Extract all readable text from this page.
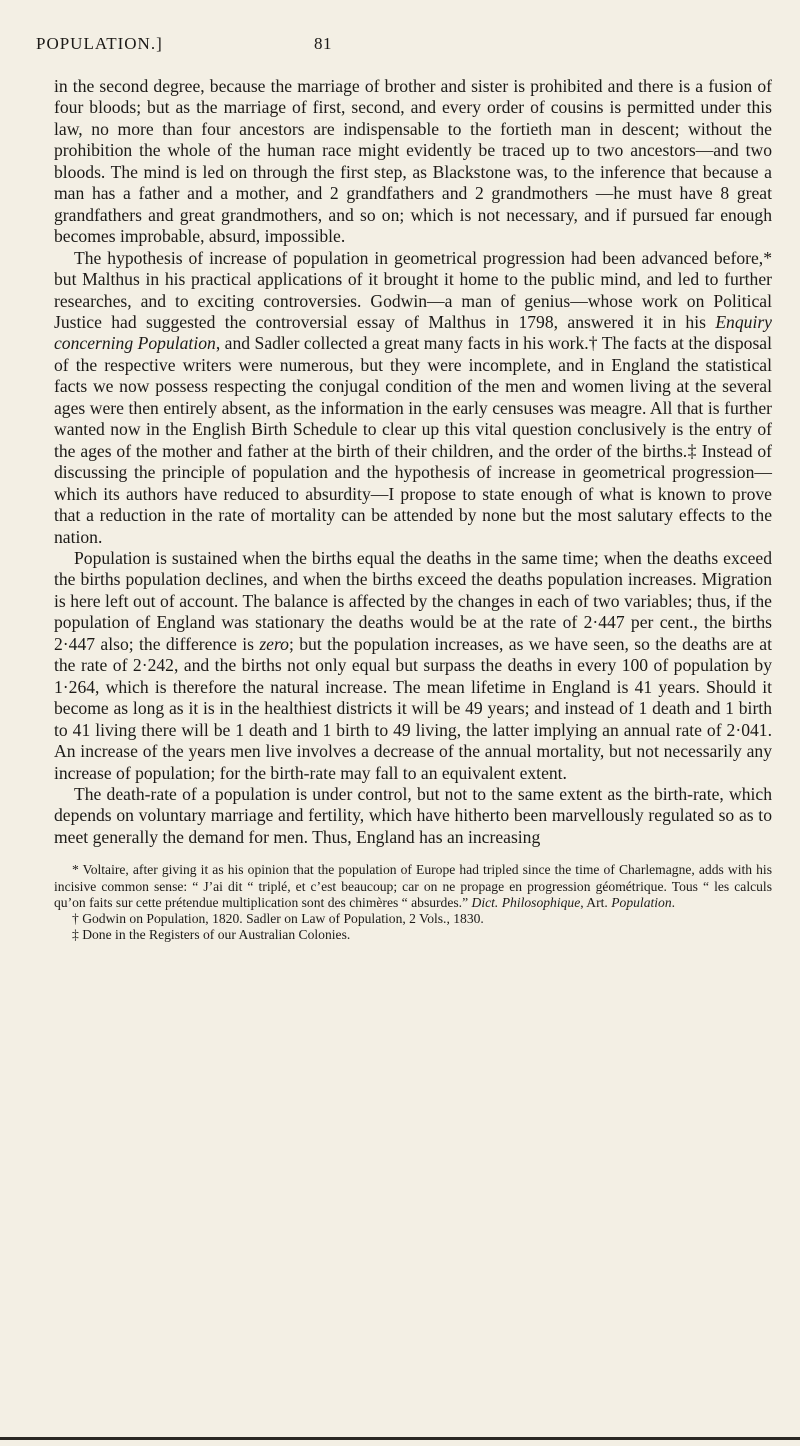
POPULATION.]	81

in the second degree, because the marriage of brother and sister is prohibited and there is a fusion of four bloods; but as the marriage of first, second, and every order of cousins is permitted under this law, no more than four ancestors are indispensable to the fortieth man in descent; without the prohibition the whole of the human race might evidently be traced up to two ancestors—and two bloods. The mind is led on through the first step, as Blackstone was, to the inference that because a man has a father and a mother, and 2 grandfathers and 2 grandmothers —he must have 8 great grandfathers and great grandmothers, and so on; which is not necessary, and if pursued far enough becomes improbable, absurd, impossible.

The hypothesis of increase of population in geometrical progression had been advanced before,* but Malthus in his practical applications of it brought it home to the public mind, and led to further researches, and to exciting controversies. Godwin—a man of genius—whose work on Political Justice had suggested the controversial essay of Malthus in 1798, answered it in his Enquiry concerning Population, and Sadler collected a great many facts in his work.† The facts at the disposal of the respective writers were numerous, but they were incomplete, and in England the statistical facts we now possess respecting the conjugal condition of the men and women living at the several ages were then entirely absent, as the information in the early censuses was meagre. All that is further wanted now in the English Birth Schedule to clear up this vital question conclusively is the entry of the ages of the mother and father at the birth of their children, and the order of the births.‡ Instead of discussing the principle of population and the hypothesis of increase in geometrical progression—which its authors have reduced to absurdity—I propose to state enough of what is known to prove that a reduction in the rate of mortality can be attended by none but the most salutary effects to the nation.

Population is sustained when the births equal the deaths in the same time; when the deaths exceed the births population declines, and when the births exceed the deaths population increases. Migration is here left out of account. The balance is affected by the changes in each of two variables; thus, if the population of England was stationary the deaths would be at the rate of 2·447 per cent., the births 2·447 also; the difference is zero; but the population increases, as we have seen, so the deaths are at the rate of 2·242, and the births not only equal but surpass the deaths in every 100 of population by 1·264, which is therefore the natural increase. The mean lifetime in England is 41 years. Should it become as long as it is in the healthiest districts it will be 49 years; and instead of 1 death and 1 birth to 41 living there will be 1 death and 1 birth to 49 living, the latter implying an annual rate of 2·041. An increase of the years men live involves a decrease of the annual mortality, but not necessarily any increase of population; for the birth-rate may fall to an equivalent extent.

The death-rate of a population is under control, but not to the same extent as the birth-rate, which depends on voluntary marriage and fertility, which have hitherto been marvellously regulated so as to meet generally the demand for men. Thus, England has an increasing

* Voltaire, after giving it as his opinion that the population of Europe had tripled since the time of Charlemagne, adds with his incisive common sense: “ J’ai dit “ triplé, et c’est beaucoup; car on ne propage en progression géométrique. Tous “ les calculs qu’on faits sur cette prétendue multiplication sont des chimères “ absurdes.” Dict. Philosophique, Art. Population.

† Godwin on Population, 1820. Sadler on Law of Population, 2 Vols., 1830.

‡ Done in the Registers of our Australian Colonies.
